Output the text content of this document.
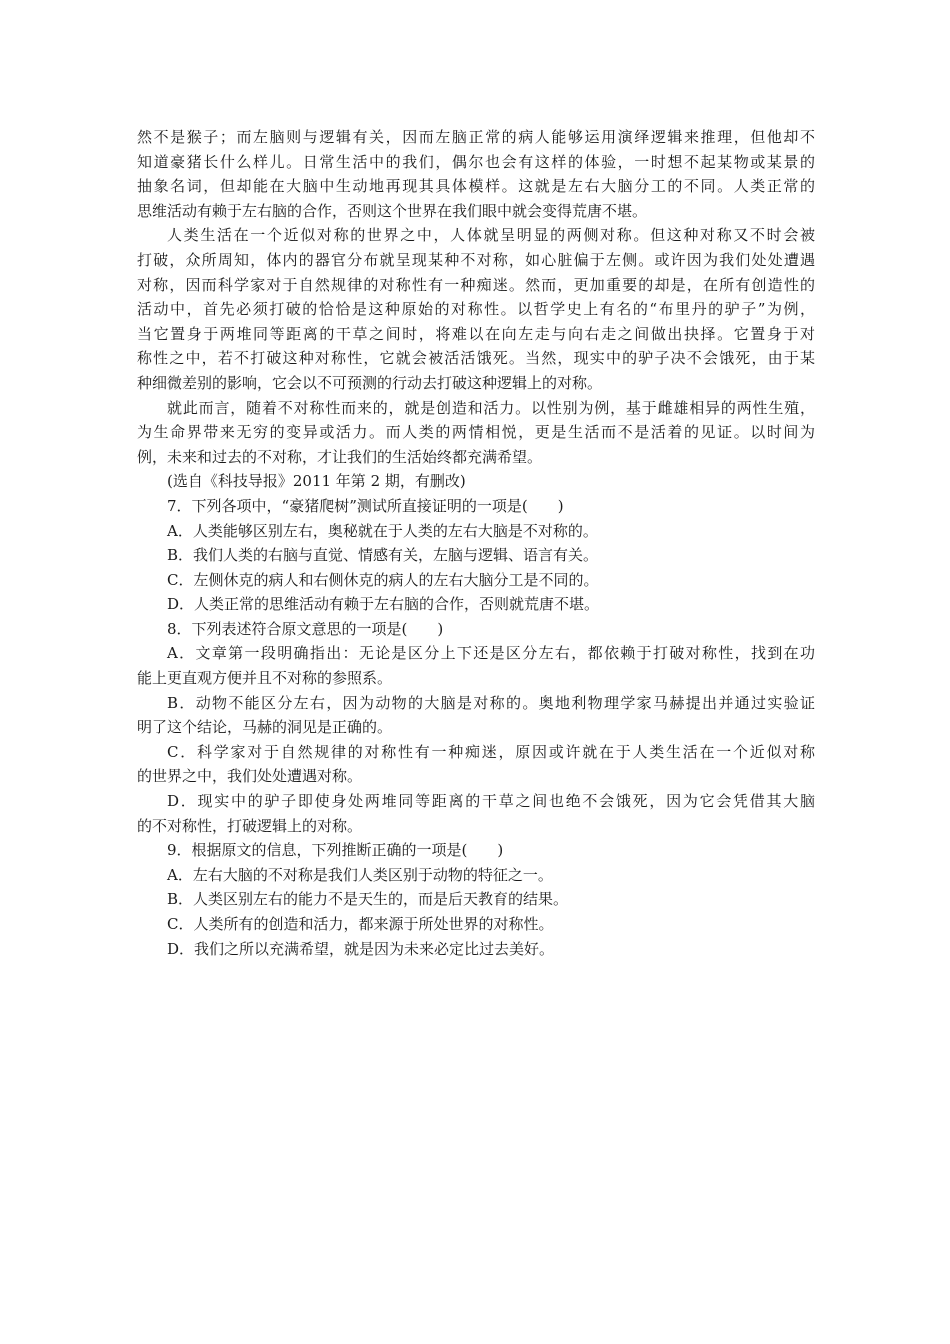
然不是猴子；而左脑则与逻辑有关，因而左脑正常的病人能够运用演绎逻辑来推理，但他却不
知道豪猪长什么样儿。日常生活中的我们，偶尔也会有这样的体验，一时想不起某物或某景的
抽象名词，但却能在大脑中生动地再现其具体模样。这就是左右大脑分工的不同。人类正常的
思维活动有赖于左右脑的合作，否则这个世界在我们眼中就会变得荒唐不堪。
人类生活在一个近似对称的世界之中，人体就呈明显的两侧对称。但这种对称又不时会被
打破，众所周知，体内的器官分布就呈现某种不对称，如心脏偏于左侧。或许因为我们处处遭遇
对称，因而科学家对于自然规律的对称性有一种痴迷。然而，更加重要的却是，在所有创造性的
活动中，首先必须打破的恰恰是这种原始的对称性。以哲学史上有名的“布里丹的驴子”为例，
当它置身于两堆同等距离的干草之间时，将难以在向左走与向右走之间做出抉择。它置身于对
称性之中，若不打破这种对称性，它就会被活活饿死。当然，现实中的驴子决不会饿死，由于某
种细微差别的影响，它会以不可预测的行动去打破这种逻辑上的对称。
就此而言，随着不对称性而来的，就是创造和活力。以性别为例，基于雌雄相异的两性生殖，
为生命界带来无穷的变异或活力。而人类的两情相悦，更是生活而不是活着的见证。以时间为
例，未来和过去的不对称，才让我们的生活始终都充满希望。
(选自《科技导报》2011 年第 2 期，有删改)
7．下列各项中，“豪猪爬树”测试所直接证明的一项是(　　)
A．人类能够区别左右，奥秘就在于人类的左右大脑是不对称的。
B．我们人类的右脑与直觉、情感有关，左脑与逻辑、语言有关。
C．左侧休克的病人和右侧休克的病人的左右大脑分工是不同的。
D．人类正常的思维活动有赖于左右脑的合作，否则就荒唐不堪。
8．下列表述符合原文意思的一项是(　　)
A．文章第一段明确指出：无论是区分上下还是区分左右，都依赖于打破对称性，找到在功
能上更直观方便并且不对称的参照系。
B．动物不能区分左右，因为动物的大脑是对称的。奥地利物理学家马赫提出并通过实验证
明了这个结论，马赫的洞见是正确的。
C．科学家对于自然规律的对称性有一种痴迷，原因或许就在于人类生活在一个近似对称
的世界之中，我们处处遭遇对称。
D．现实中的驴子即使身处两堆同等距离的干草之间也绝不会饿死，因为它会凭借其大脑
的不对称性，打破逻辑上的对称。
9．根据原文的信息，下列推断正确的一项是(　　)
A．左右大脑的不对称是我们人类区别于动物的特征之一。
B．人类区别左右的能力不是天生的，而是后天教育的结果。
C．人类所有的创造和活力，都来源于所处世界的对称性。
D．我们之所以充满希望，就是因为未来必定比过去美好。
